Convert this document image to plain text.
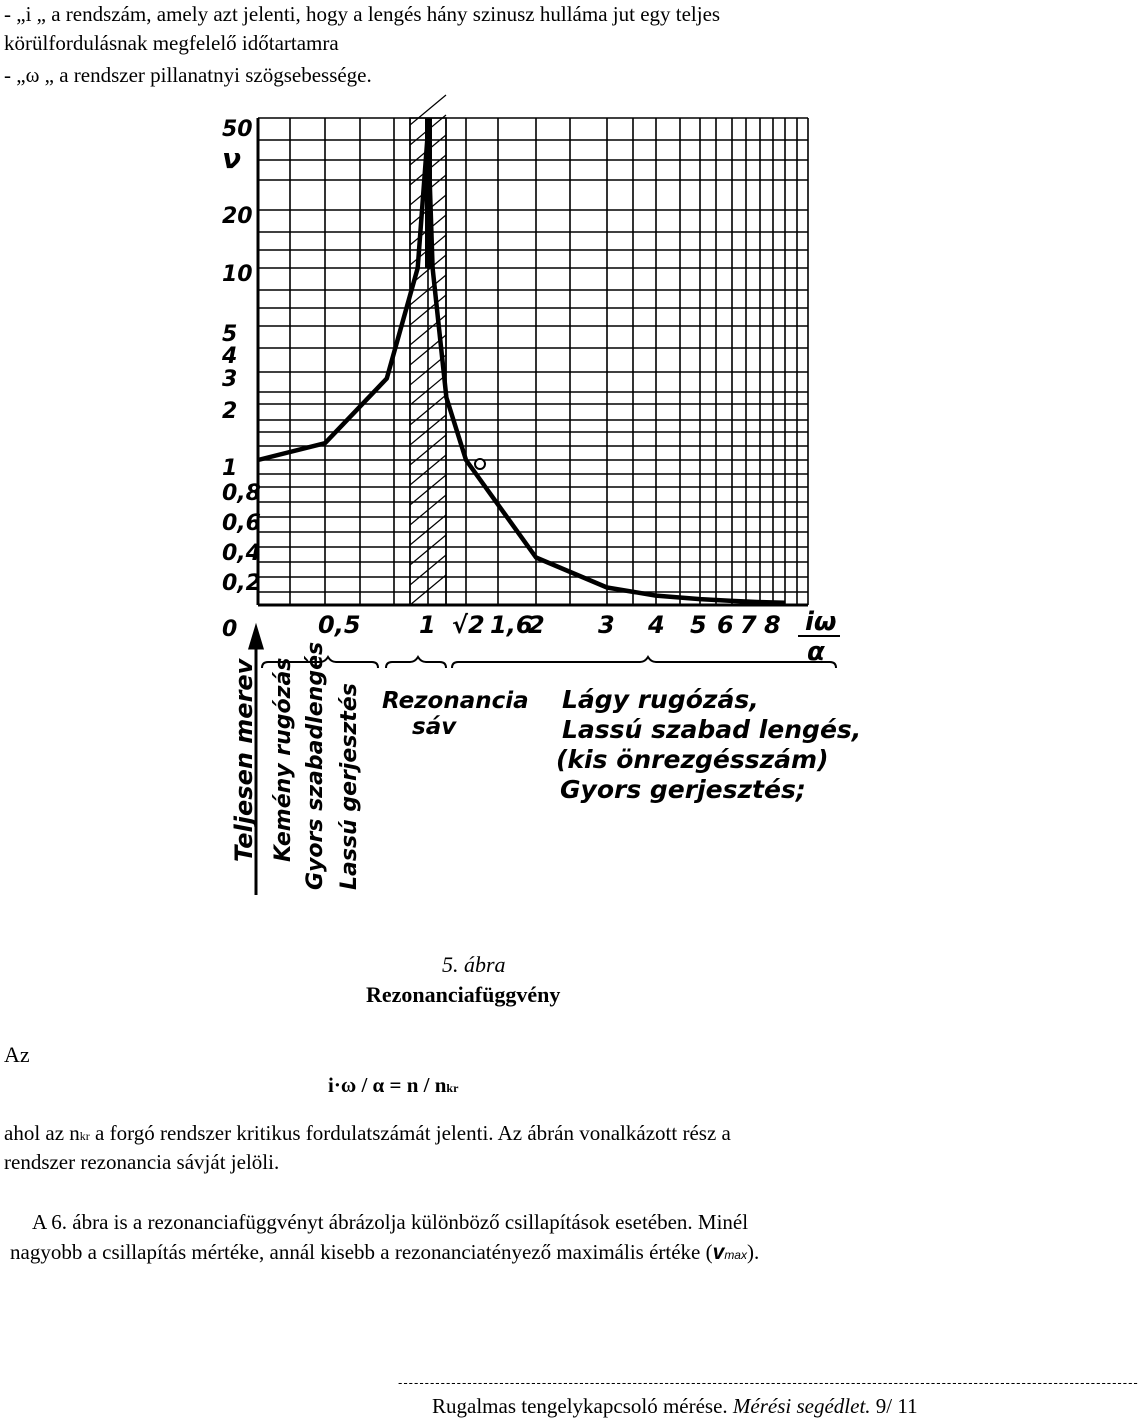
- „i „ a rendszám, amely azt jelenti, hogy a lengés hány szinusz hulláma jut egy teljes
körülfordulásnak megfelelő időtartamra
- „ω „ a rendszer pillanatnyi szögsebessége.
50
20
10
5
4
3
2
1
0,8
0,6
0,4
0,2
0	0,5 1 √2 1,6
2 3 4 5 6 7 8
ν
iω
α
Teljesen merev Kemény rugózás Gyors szabadlengés Lassú gerjesztés Rezonancia
sáv
Lágy rugózás,
Lassú szabad lengés,
(kis önrezgésszám)
Gyors gerjesztés;
5. ábra
Rezonanciafüggvény
Az
i·ω / α = n / nkr
ahol az nkr a forgó rendszer kritikus fordulatszámát jelenti. Az ábrán vonalkázott rész a
rendszer rezonancia sávját jelöli.
A 6. ábra is a rezonanciafüggvényt ábrázolja különböző csillapítások esetében. Minél
nagyobb a csillapítás mértéke, annál kisebb a rezonanciatényező maximális értéke (vmax).
-------------------------------------------------------------------------------------------------------------------------------------------
Rugalmas tengelykapcsoló mérése. Mérési segédlet. 9/ 11
